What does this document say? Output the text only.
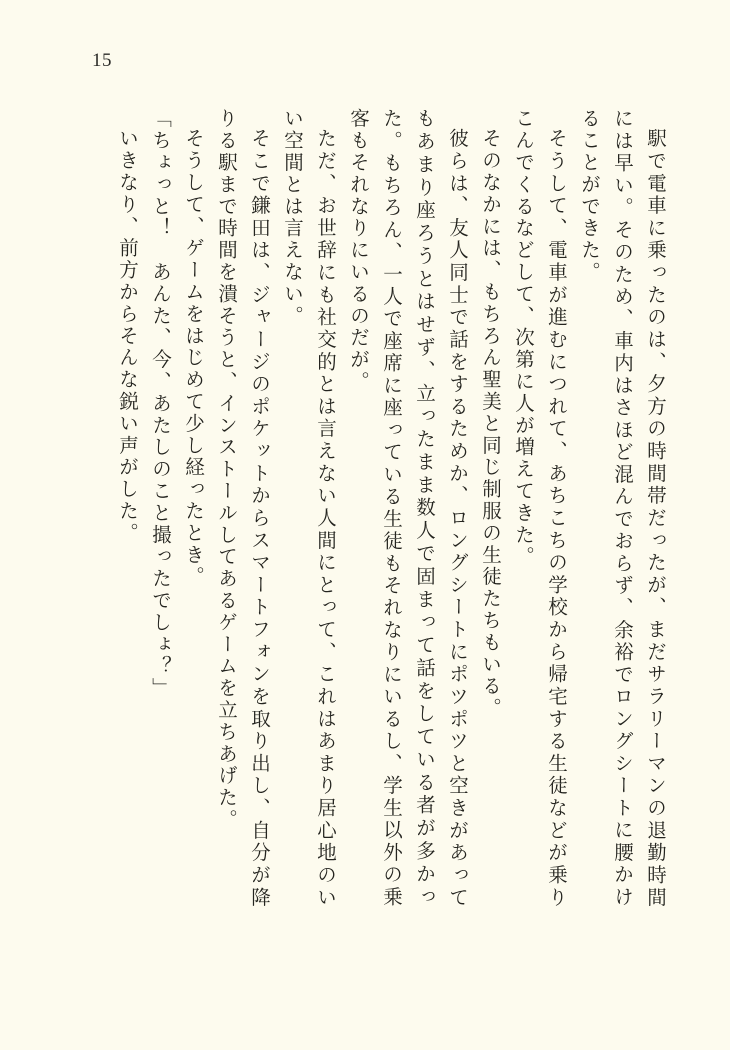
15

駅で電車に乗ったのは、夕方の時間帯だったが、まだサラリーマンの退勤時間には早い。そのため、車内はさほど混んでおらず、余裕でロングシートに腰かけることができた。

そうして、電車が進むにつれて、あちこちの学校から帰宅する生徒などが乗りこんでくるなどして、次第に人が増えてきた。

そのなかには、もちろん聖美と同じ制服の生徒たちもいる。

彼らは、友人同士で話をするためか、ロングシートにポツポツと空きがあってもあまり座ろうとはせず、立ったまま数人で固まって話をしている者が多かった。もちろん、一人で座席に座っている生徒もそれなりにいるし、学生以外の乗客もそれなりにいるのだが。

ただ、お世辞にも社交的とは言えない人間にとって、これはあまり居心地のいい空間とは言えない。

そこで鎌田は、ジャージのポケットからスマートフォンを取り出し、自分が降りる駅まで時間を潰そうと、インストールしてあるゲームを立ちあげた。

そうして、ゲームをはじめて少し経ったとき。

「ちょっと！　あんた、今、あたしのこと撮ったでしょ？」

いきなり、前方からそんな鋭い声がした。
